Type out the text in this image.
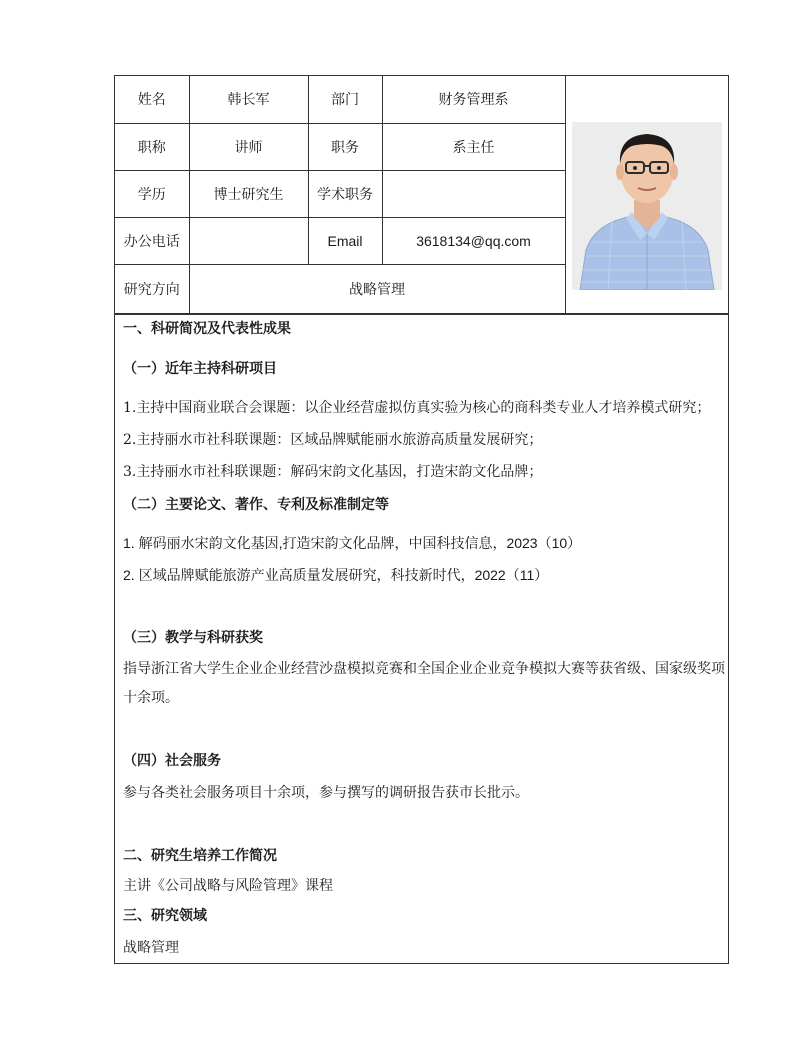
姓名	韩长军	部门	财务管理系	
职称	讲师	职务	系主任	
学历	博士研究生	学术职务		
办公电话		Email	3618134@qq.com	
研究方向	战略管理			
一、科研简况及代表性成果
（一）近年主持科研项目
1.主持中国商业联合会课题：以企业经营虚拟仿真实验为核心的商科类专业人才培养模式研究；
2.主持丽水市社科联课题：区域品牌赋能丽水旅游高质量发展研究；
3.主持丽水市社科联课题：解码宋韵文化基因，打造宋韵文化品牌；
（二）主要论文、著作、专利及标准制定等
1. 解码丽水宋韵文化基因,打造宋韵文化品牌，中国科技信息，2023（10）
2. 区域品牌赋能旅游产业高质量发展研究，科技新时代，2022（11）
（三）教学与科研获奖
指导浙江省大学生企业企业经营沙盘模拟竞赛和全国企业企业竞争模拟大赛等获省级、国家级奖项
十余项。
（四）社会服务
参与各类社会服务项目十余项，参与撰写的调研报告获市长批示。
二、研究生培养工作简况
主讲《公司战略与风险管理》课程
三、研究领域
战略管理
